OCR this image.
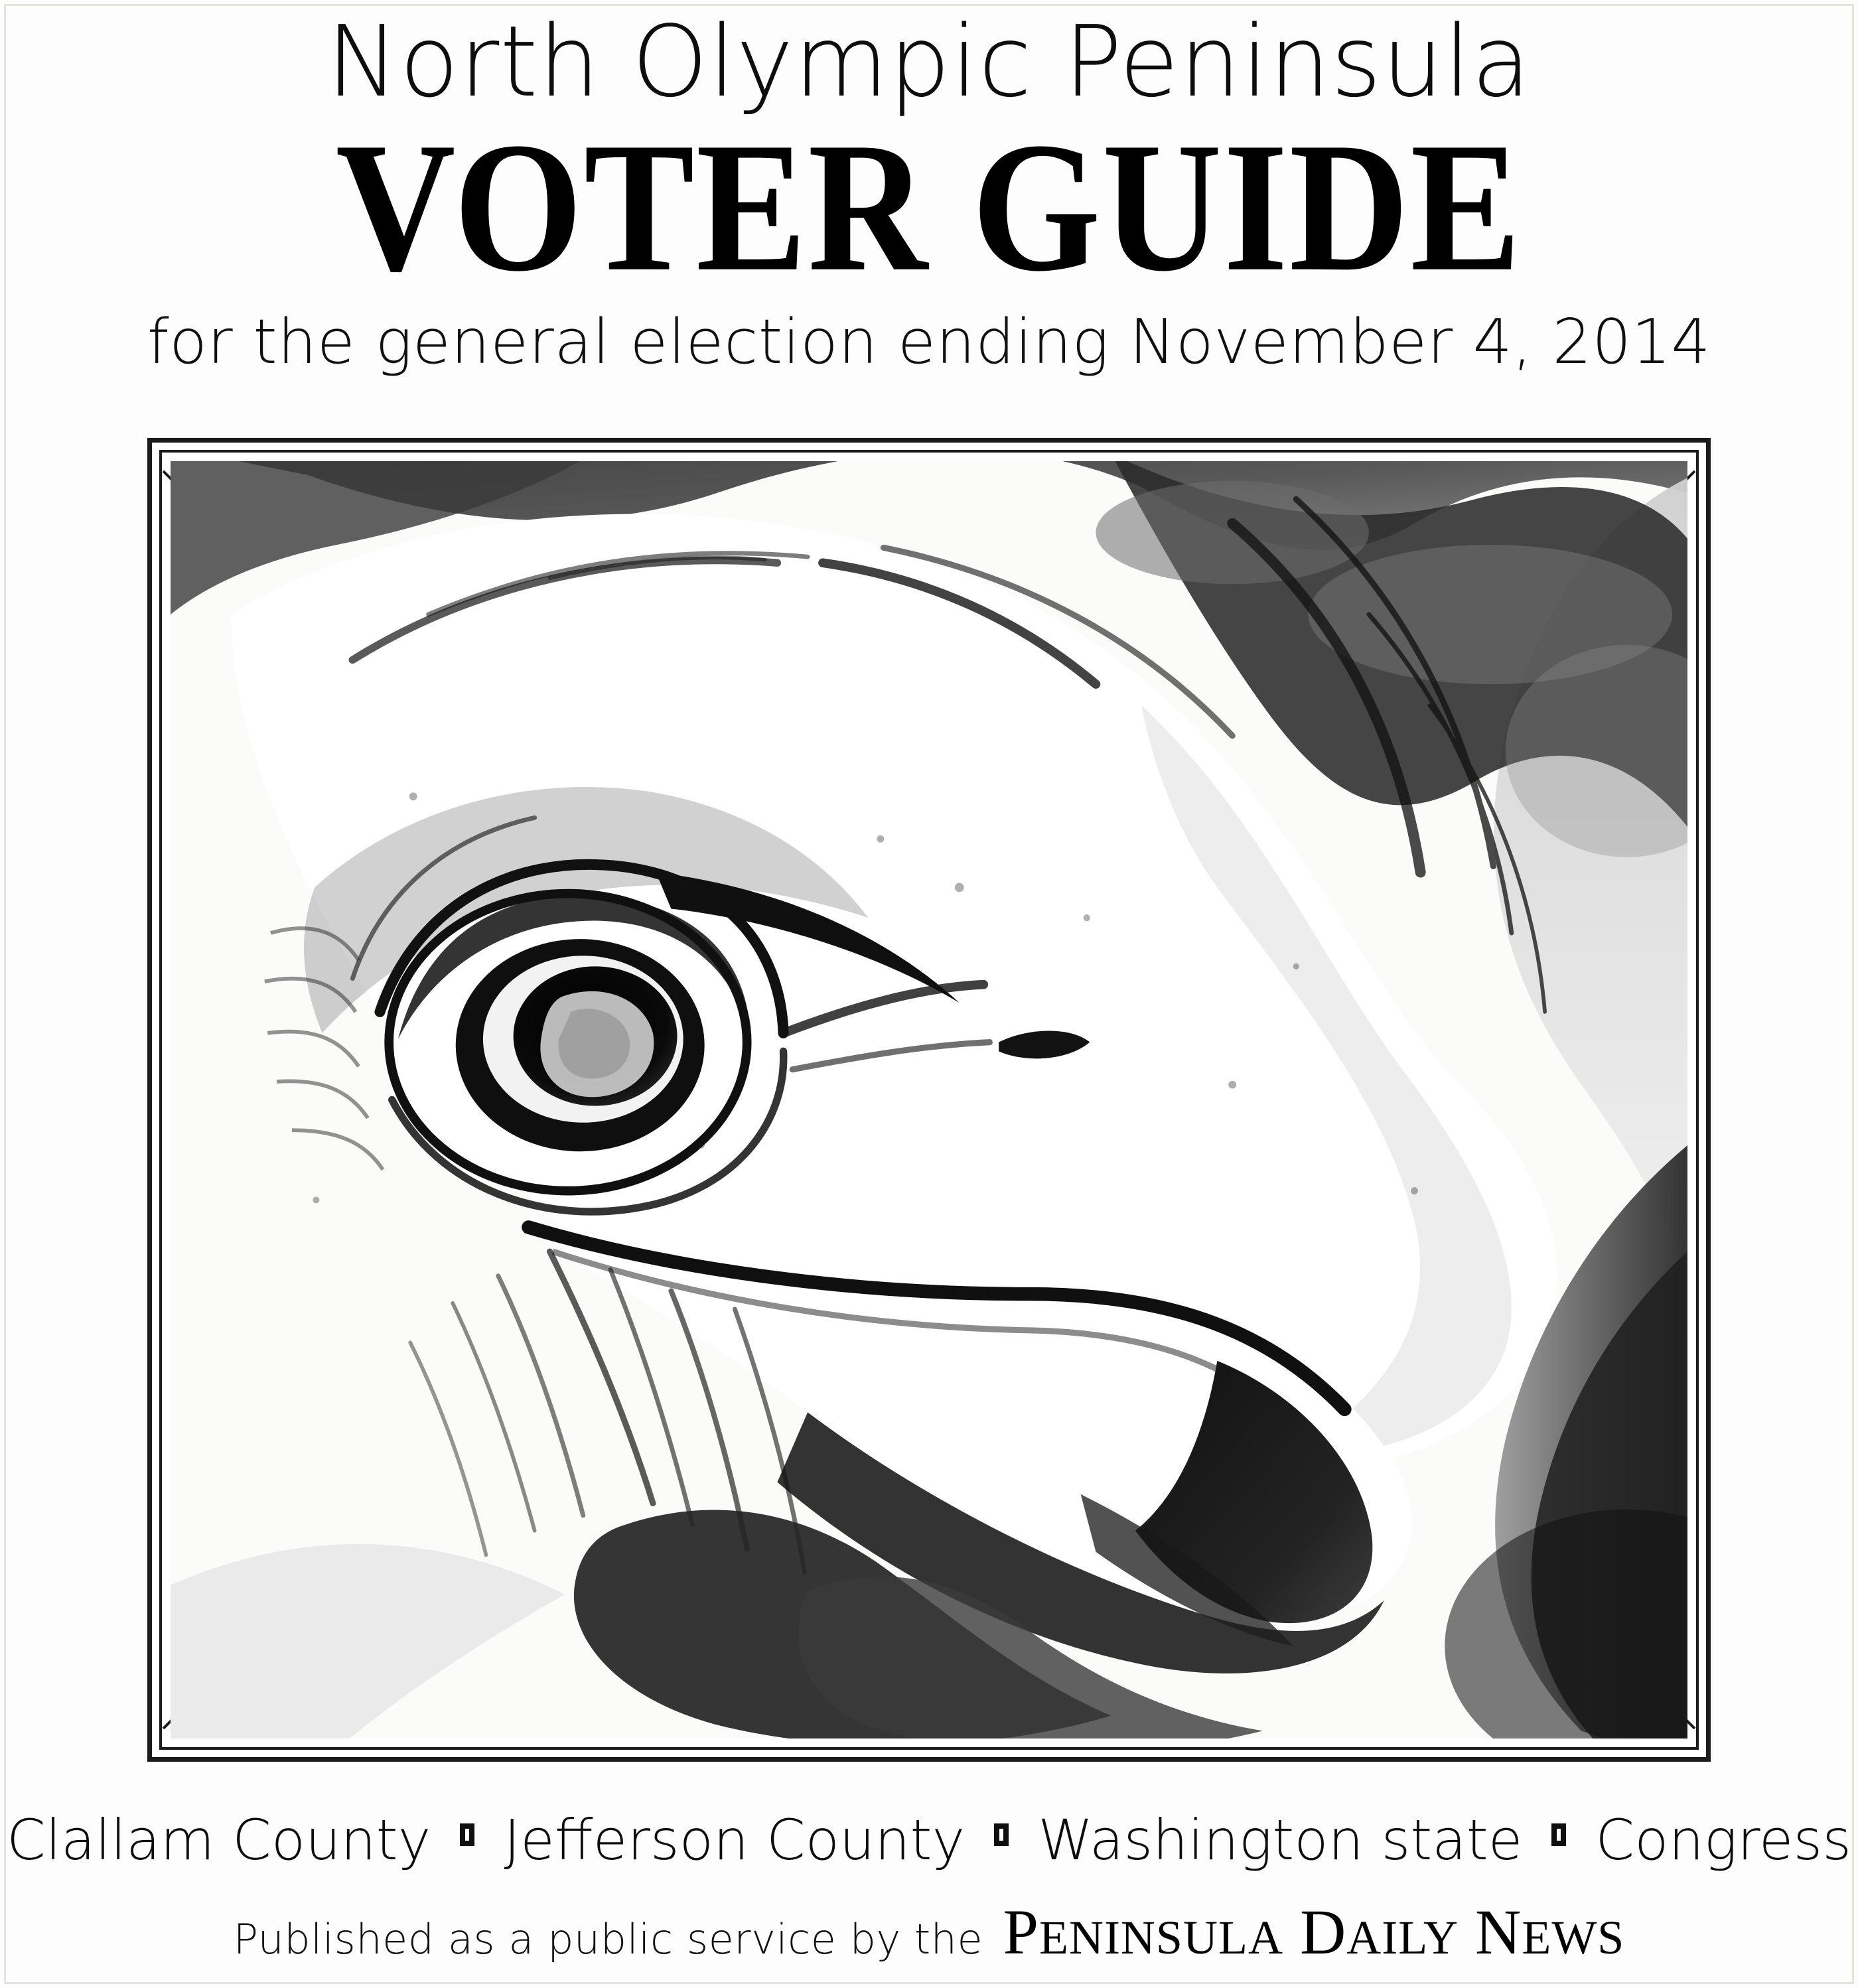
North Olympic Peninsula
VOTER GUIDE
for the general election ending November 4, 2014
Clallam County Jefferson County Washington state Congress
Published as a public service by the PENINSULA DAILY NEWS
